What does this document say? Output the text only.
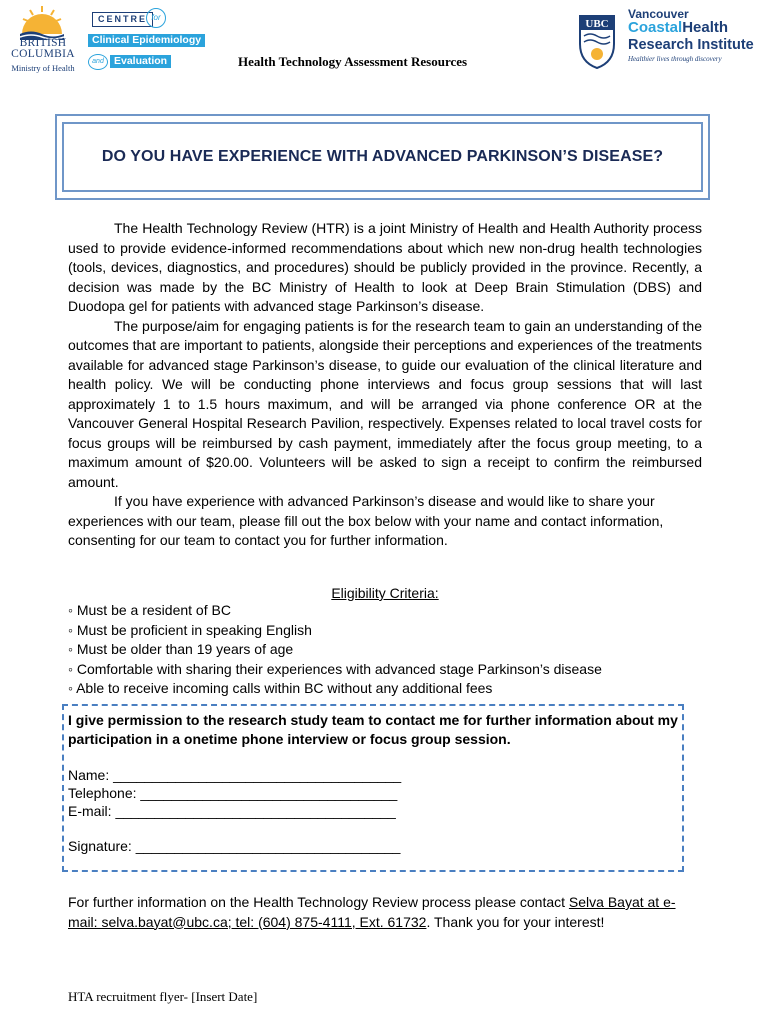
BRITISH
COLUMBIA
Ministry of Health
CENTRE for
Clinical Epidemiology
and Evaluation	Health Technology Assessment Resources
UBC
Vancouver
CoastalHealth
Research Institute
Healthier lives through discovery
DO YOU HAVE EXPERIENCE WITH ADVANCED PARKINSON’S DISEASE?

The Health Technology Review (HTR) is a joint Ministry of Health and Health Authority process used to provide evidence-informed recommendations about which new non-drug health technologies (tools, devices, diagnostics, and procedures) should be publicly provided in the province. Recently, a decision was made by the BC Ministry of Health to look at Deep Brain Stimulation (DBS) and Duodopa gel for patients with advanced stage Parkinson’s disease.

The purpose/aim for engaging patients is for the research team to gain an understanding of the outcomes that are important to patients, alongside their perceptions and experiences of the treatments available for advanced stage Parkinson’s disease, to guide our evaluation of the clinical literature and health policy. We will be conducting phone interviews and focus group sessions that will last approximately 1 to 1.5 hours maximum, and will be arranged via phone conference OR at the Vancouver General Hospital Research Pavilion, respectively. Expenses related to local travel costs for focus groups will be reimbursed by cash payment, immediately after the focus group meeting, to a maximum amount of $20.00. Volunteers will be asked to sign a receipt to confirm the reimbursed amount.

If you have experience with advanced Parkinson’s disease and would like to share your experiences with our team, please fill out the box below with your name and contact information, consenting for our team to contact you for further information.

Eligibility Criteria:
◦ Must be a resident of BC
◦ Must be proficient in speaking English
◦ Must be older than 19 years of age
◦ Comfortable with sharing their experiences with advanced stage Parkinson’s disease
◦ Able to receive incoming calls within BC without any additional fees
I give permission to the research study team to contact me for further information about my participation in a onetime phone interview or focus group session.
Name: _____________________________________
Telephone: _________________________________
E-mail: ____________________________________
Signature: __________________________________
For further information on the Health Technology Review process please contact Selva Bayat at e-mail: selva.bayat@ubc.ca; tel: (604) 875-4111, Ext. 61732. Thank you for your interest!
HTA recruitment flyer- [Insert Date]
